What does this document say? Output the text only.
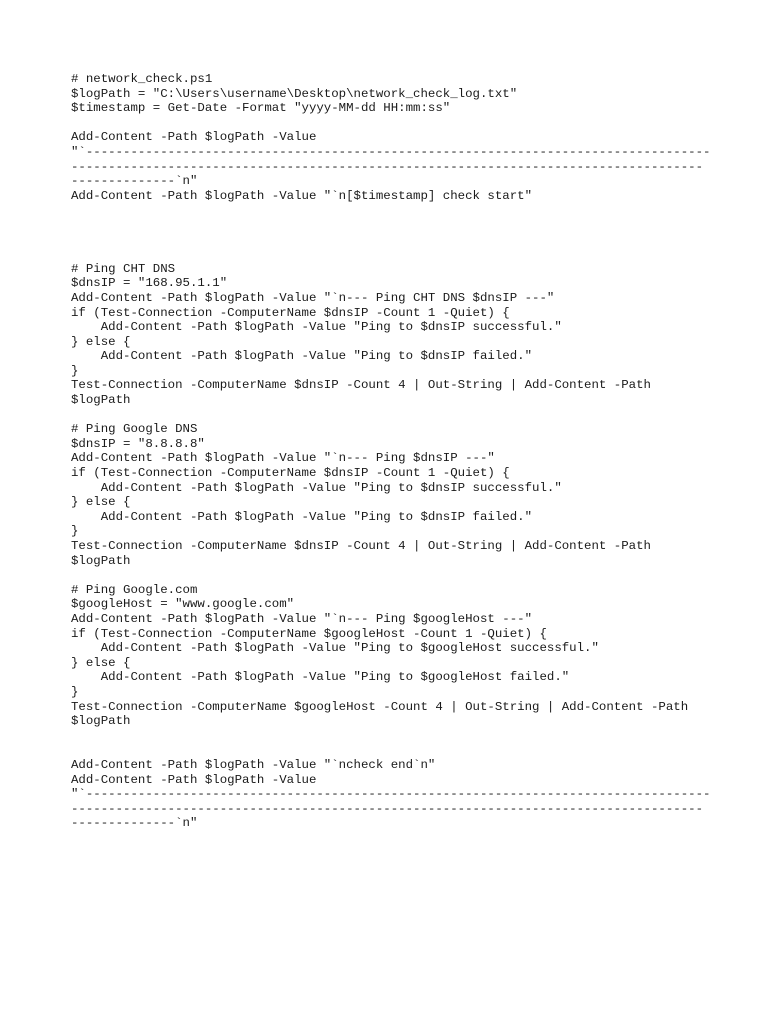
# network_check.ps1
$logPath = "C:\Users\username\Desktop\network_check_log.txt"
$timestamp = Get-Date -Format "yyyy-MM-dd HH:mm:ss"
Add-Content -Path $logPath -Value
"`------------------------------------------------------------------------------------
-------------------------------------------------------------------------------------
--------------`n"
Add-Content -Path $logPath -Value "`n[$timestamp] check start"
# Ping CHT DNS
$dnsIP = "168.95.1.1"
Add-Content -Path $logPath -Value "`n--- Ping CHT DNS $dnsIP ---"
if (Test-Connection -ComputerName $dnsIP -Count 1 -Quiet) {
Add-Content -Path $logPath -Value "Ping to $dnsIP successful."
} else {
Add-Content -Path $logPath -Value "Ping to $dnsIP failed."
}
Test-Connection -ComputerName $dnsIP -Count 4 | Out-String | Add-Content -Path
$logPath
# Ping Google DNS
$dnsIP = "8.8.8.8"
Add-Content -Path $logPath -Value "`n--- Ping $dnsIP ---"
if (Test-Connection -ComputerName $dnsIP -Count 1 -Quiet) {
Add-Content -Path $logPath -Value "Ping to $dnsIP successful."
} else {
Add-Content -Path $logPath -Value "Ping to $dnsIP failed."
}
Test-Connection -ComputerName $dnsIP -Count 4 | Out-String | Add-Content -Path
$logPath
# Ping Google.com
$googleHost = "www.google.com"
Add-Content -Path $logPath -Value "`n--- Ping $googleHost ---"
if (Test-Connection -ComputerName $googleHost -Count 1 -Quiet) {
Add-Content -Path $logPath -Value "Ping to $googleHost successful."
} else {
Add-Content -Path $logPath -Value "Ping to $googleHost failed."
}
Test-Connection -ComputerName $googleHost -Count 4 | Out-String | Add-Content -Path
$logPath
Add-Content -Path $logPath -Value "`ncheck end`n"
Add-Content -Path $logPath -Value
"`------------------------------------------------------------------------------------
-------------------------------------------------------------------------------------
--------------`n"
